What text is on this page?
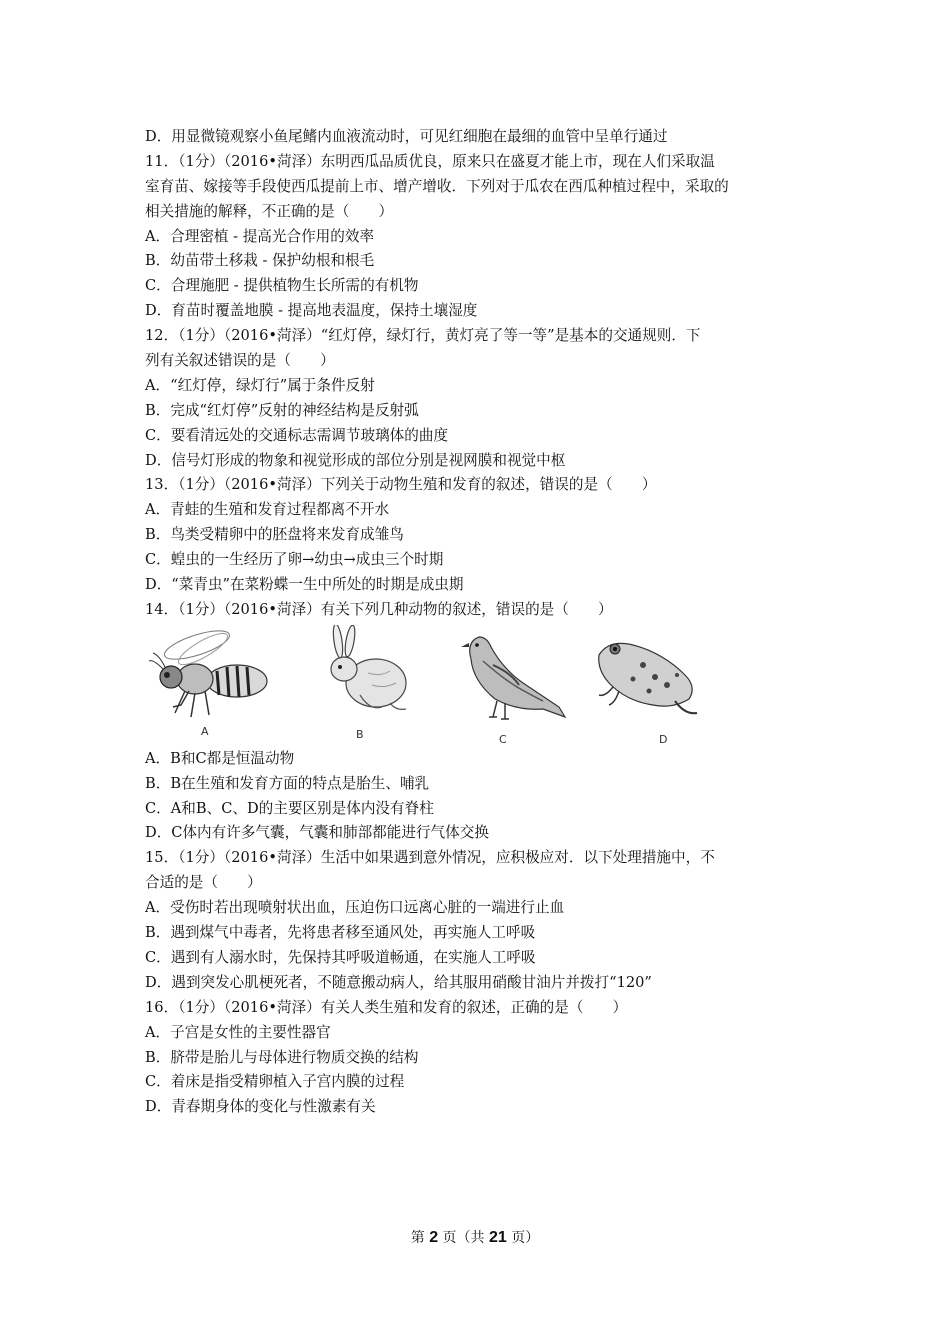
D．用显微镜观察小鱼尾鳍内血液流动时，可见红细胞在最细的血管中呈单行通过
11．（1分）（2016•菏泽）东明西瓜品质优良，原来只在盛夏才能上市，现在人们采取温
室育苗、嫁接等手段使西瓜提前上市、增产增收．下列对于瓜农在西瓜种植过程中，采取的
相关措施的解释，不正确的是（　　）
A．合理密植 - 提高光合作用的效率
B．幼苗带土移栽 - 保护幼根和根毛
C．合理施肥 - 提供植物生长所需的有机物
D．育苗时覆盖地膜 - 提高地表温度，保持土壤湿度
12．（1分）（2016•菏泽）“红灯停，绿灯行，黄灯亮了等一等”是基本的交通规则．下
列有关叙述错误的是（　　）
A．“红灯停，绿灯行”属于条件反射
B．完成“红灯停”反射的神经结构是反射弧
C．要看清远处的交通标志需调节玻璃体的曲度
D．信号灯形成的物象和视觉形成的部位分别是视网膜和视觉中枢
13．（1分）（2016•菏泽）下列关于动物生殖和发育的叙述，错误的是（　　）
A．青蛙的生殖和发育过程都离不开水
B．鸟类受精卵中的胚盘将来发育成雏鸟
C．蝗虫的一生经历了卵→幼虫→成虫三个时期
D．“菜青虫”在菜粉蝶一生中所处的时期是成虫期
14．（1分）（2016•菏泽）有关下列几种动物的叙述，错误的是（　　）
A	B	C	D
A．B和C都是恒温动物
B．B在生殖和发育方面的特点是胎生、哺乳
C．A和B、C、D的主要区别是体内没有脊柱
D．C体内有许多气囊，气囊和肺部都能进行气体交换
15．（1分）（2016•菏泽）生活中如果遇到意外情况，应积极应对．以下处理措施中，不
合适的是（　　）
A．受伤时若出现喷射状出血，压迫伤口远离心脏的一端进行止血
B．遇到煤气中毒者，先将患者移至通风处，再实施人工呼吸
C．遇到有人溺水时，先保持其呼吸道畅通，在实施人工呼吸
D．遇到突发心肌梗死者，不随意搬动病人，给其服用硝酸甘油片并拨打“120”
16．（1分）（2016•菏泽）有关人类生殖和发育的叙述，正确的是（　　）
A．子宫是女性的主要性器官
B．脐带是胎儿与母体进行物质交换的结构
C．着床是指受精卵植入子宫内膜的过程
D．青春期身体的变化与性激素有关
第 2 页（共 21 页）
